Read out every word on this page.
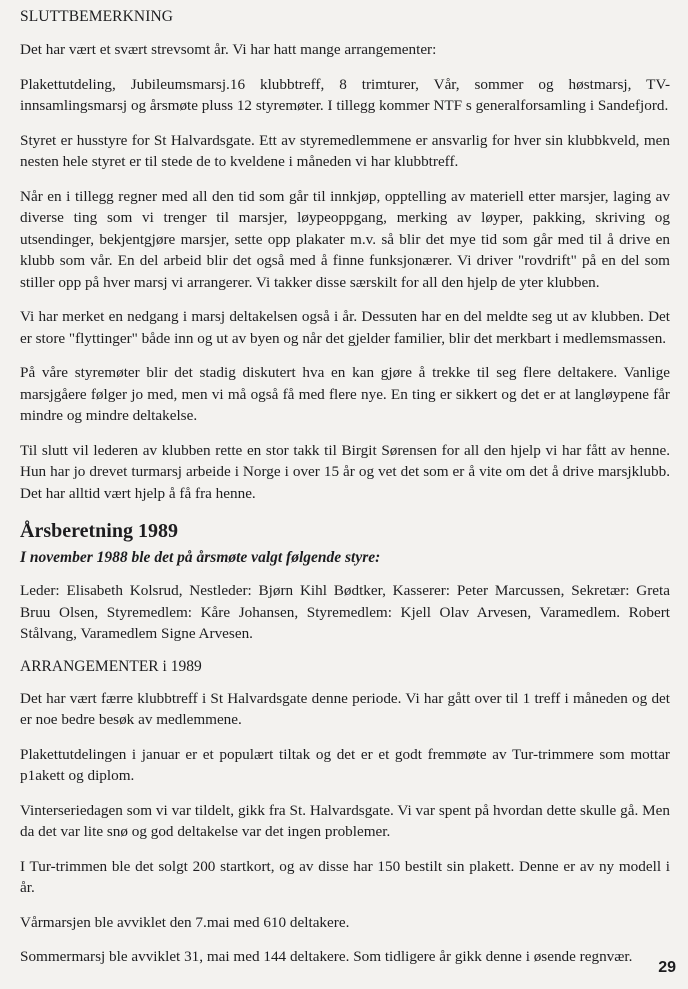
SLUTTBEMERKNING

Det har vært et svært strevsomt år. Vi har hatt mange arrangementer:

Plakettutdeling, Jubileumsmarsj.16 klubbtreff, 8 trimturer, Vår, sommer og høstmarsj, TV-innsamlingsmarsj og årsmøte pluss 12 styremøter. I tillegg kommer NTF s generalforsamling i Sandefjord.

Styret er husstyre for St Halvardsgate. Ett av styremedlemmene er ansvarlig for hver sin klubbkveld, men nesten hele styret er til stede de to kveldene i måneden vi har klubbtreff.

Når en i tillegg regner med all den tid som går til innkjøp, opptelling av materiell etter marsjer, laging av diverse ting som vi trenger til marsjer, løypeoppgang, merking av løyper, pakking, skriving og utsendinger, bekjentgjøre marsjer, sette opp plakater m.v. så blir det mye tid som går med til å drive en klubb som vår. En del arbeid blir det også med å finne funksjonærer. Vi driver "rovdrift" på en del som stiller opp på hver marsj vi arrangerer. Vi takker disse særskilt for all den hjelp de yter klubben.

Vi har merket en nedgang i marsj deltakelsen også i år. Dessuten har en del meldte seg ut av klubben. Det er store "flyttinger" både inn og ut av byen og når det gjelder familier, blir det merkbart i medlemsmassen.

På våre styremøter blir det stadig diskutert hva en kan gjøre å trekke til seg flere deltakere. Vanlige marsjgåere følger jo med, men vi må også få med flere nye. En ting er sikkert og det er at langløypene får mindre og mindre deltakelse.

Til slutt vil lederen av klubben rette en stor takk til Birgit Sørensen for all den hjelp vi har fått av henne. Hun har jo drevet turmarsj arbeide i Norge i over 15 år og vet det som er å vite om det å drive marsjklubb. Det har alltid vært hjelp å få fra henne.

Årsberetning 1989
I november 1988 ble det på årsmøte valgt følgende styre:

Leder: Elisabeth Kolsrud, Nestleder: Bjørn Kihl Bødtker, Kasserer: Peter Marcussen, Sekretær: Greta Bruu Olsen, Styremedlem: Kåre Johansen, Styremedlem: Kjell Olav Arvesen, Varamedlem. Robert Stålvang, Varamedlem Signe Arvesen.

ARRANGEMENTER i 1989

Det har vært færre klubbtreff i St Halvardsgate denne periode. Vi har gått over til 1 treff i måneden og det er noe bedre besøk av medlemmene.

Plakettutdelingen i januar er et populært tiltak og det er et godt fremmøte av Tur-trimmere som mottar p1akett og diplom.

Vinterseriedagen som vi var tildelt, gikk fra St. Halvardsgate. Vi var spent på hvordan dette skulle gå. Men da det var lite snø og god deltakelse var det ingen problemer.

I Tur-trimmen ble det solgt 200 startkort, og av disse har 150 bestilt sin plakett. Denne er av ny modell i år.

Vårmarsjen ble avviklet den 7.mai med 610 deltakere.

Sommermarsj ble avviklet 31, mai med 144 deltakere. Som tidligere år gikk denne i øsende regnvær.

29
